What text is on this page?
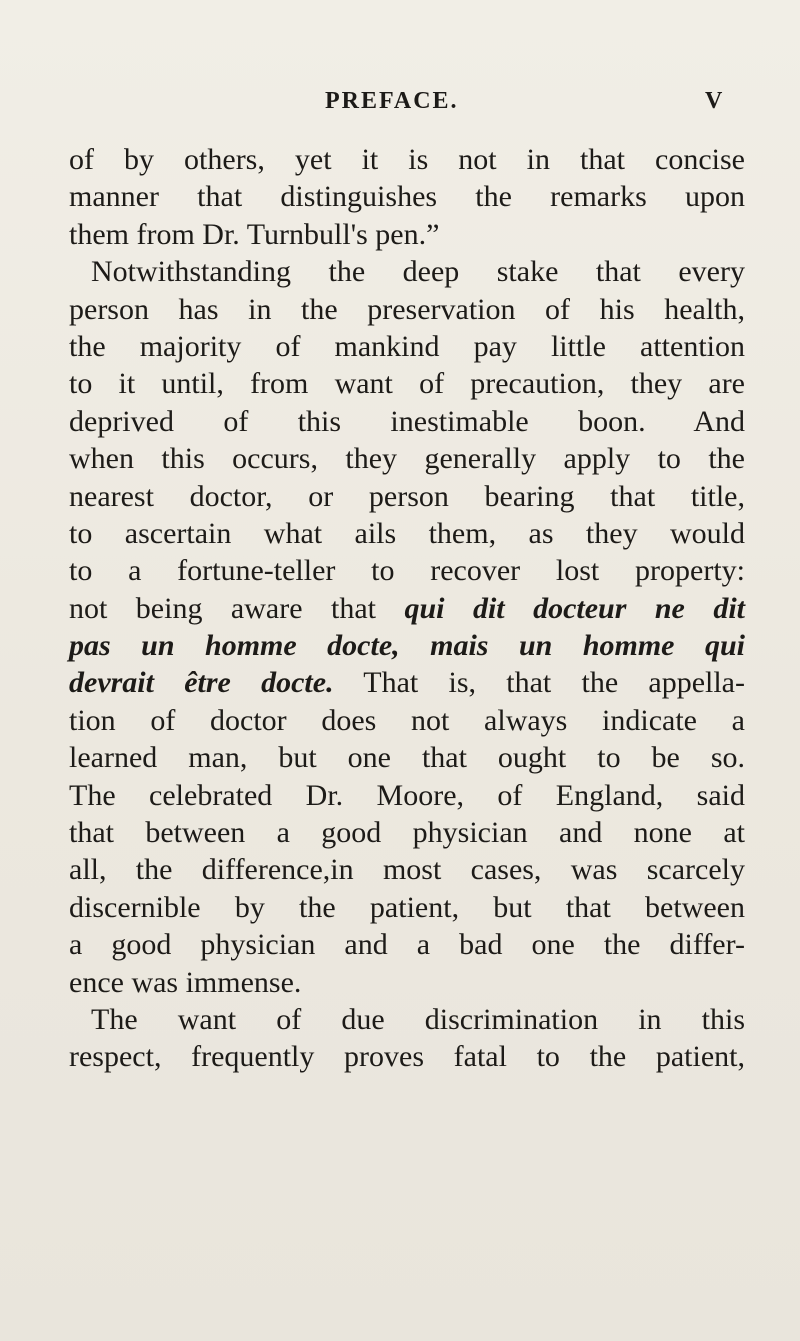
PREFACE.	V
of by others, yet it is not in that concise
manner that distinguishes the remarks upon
them from Dr. Turnbull's pen.”
Notwithstanding the deep stake that every
person has in the preservation of his health,
the majority of mankind pay little attention
to it until, from want of precaution, they are
deprived of this inestimable boon. And
when this occurs, they generally apply to the
nearest doctor, or person bearing that title,
to ascertain what ails them, as they would
to a fortune-teller to recover lost property:
not being aware that qui dit docteur ne dit
pas un homme docte, mais un homme qui
devrait être docte. That is, that the appella-
tion of doctor does not always indicate a
learned man, but one that ought to be so.
The celebrated Dr. Moore, of England, said
that between a good physician and none at
all, the difference,in most cases, was scarcely
discernible by the patient, but that between
a good physician and a bad one the differ-
ence was immense.
The want of due discrimination in this
respect, frequently proves fatal to the patient,
